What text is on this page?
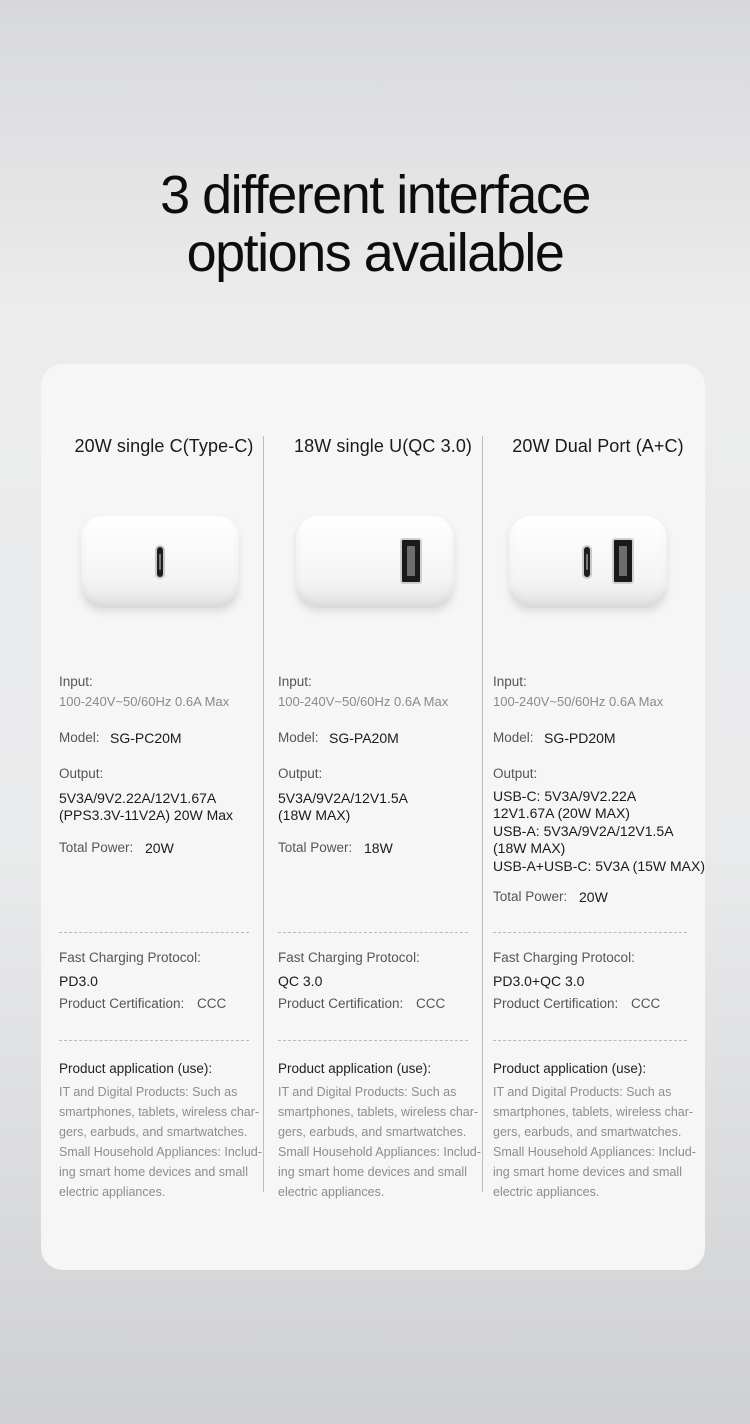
3 different interface
options available
20W single C(Type-C)
Input:
100-240V~50/60Hz 0.6A Max
Model: SG-PC20M
Output:
5V3A/9V2.22A/12V1.67A
(PPS3.3V-11V2A) 20W Max
Total Power: 20W
Fast Charging Protocol:
PD3.0
Product Certification: CCC
Product application (use):
IT and Digital Products: Such as
smartphones, tablets, wireless char-
gers, earbuds, and smartwatches.
Small Household Appliances: Includ-
ing smart home devices and small
electric appliances.
18W single U(QC 3.0)
Input:
100-240V~50/60Hz 0.6A Max
Model: SG-PA20M
Output:
5V3A/9V2A/12V1.5A
(18W MAX)
Total Power: 18W
Fast Charging Protocol:
QC 3.0
Product Certification: CCC
Product application (use):
IT and Digital Products: Such as
smartphones, tablets, wireless char-
gers, earbuds, and smartwatches.
Small Household Appliances: Includ-
ing smart home devices and small
electric appliances.
20W Dual Port (A+C)
Input:
100-240V~50/60Hz 0.6A Max
Model: SG-PD20M
Output:
USB-C: 5V3A/9V2.22A
12V1.67A (20W MAX)
USB-A: 5V3A/9V2A/12V1.5A
(18W MAX)
USB-A+USB-C: 5V3A (15W MAX)
Total Power: 20W
Fast Charging Protocol:
PD3.0+QC 3.0
Product Certification: CCC
Product application (use):
IT and Digital Products: Such as
smartphones, tablets, wireless char-
gers, earbuds, and smartwatches.
Small Household Appliances: Includ-
ing smart home devices and small
electric appliances.
